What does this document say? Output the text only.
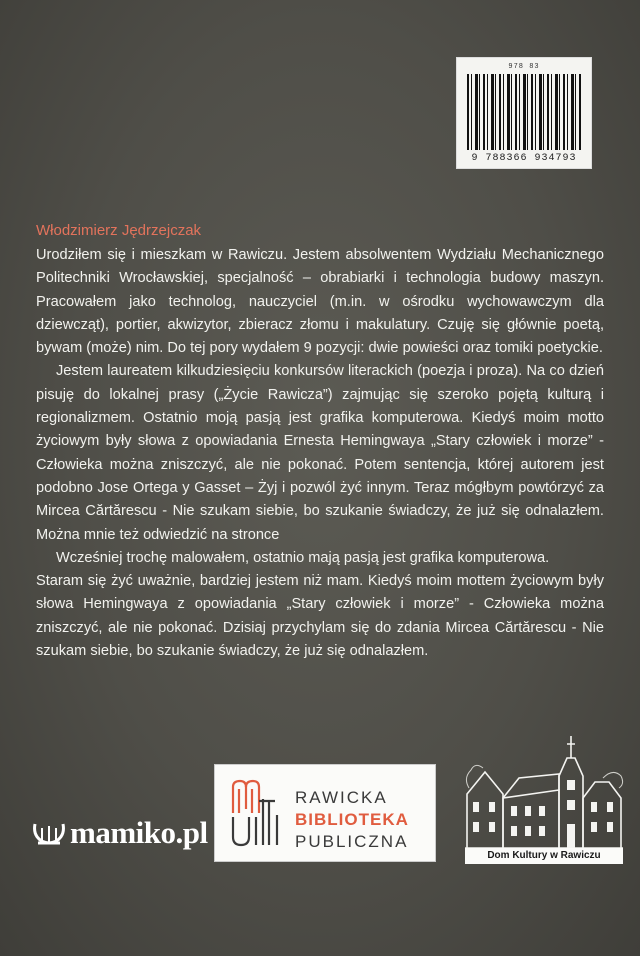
978 83
9 788366 934793
Włodzimierz Jędrzejczak

Urodziłem się i mieszkam w Rawiczu. Jestem absolwentem Wydziału Mechanicznego Politechniki Wrocławskiej, specjalność – obrabiarki i technologia budowy maszyn. Pracowałem jako technolog, nauczyciel (m.in. w ośrodku wychowawczym dla dziewcząt), portier, akwizytor, zbieracz złomu i makulatury. Czuję się głównie poetą, bywam (może) nim. Do tej pory wydałem 9 pozycji: dwie powieści oraz tomiki poetyckie.

Jestem laureatem kilkudziesięciu konkursów literackich (poezja i proza). Na co dzień pisuję do lokalnej prasy („Życie Rawicza”) zajmując się szeroko pojętą kulturą i regionalizmem. Ostatnio moją pasją jest grafika komputerowa. Kiedyś moim motto życiowym były słowa z opowiadania Ernesta Hemingwaya „Stary człowiek i morze” - Człowieka można zniszczyć, ale nie pokonać. Potem sentencja, której autorem jest podobno Jose Ortega y Gasset – Żyj i pozwól żyć innym. Teraz mógłbym powtórzyć za Mircea Cărtărescu - Nie szukam siebie, bo szukanie świadczy, że już się odnalazłem. Można mnie też odwiedzić na stronce

Wcześniej trochę malowałem, ostatnio mają pasją jest grafika komputerowa.

Staram się żyć uważnie, bardziej jestem niż mam. Kiedyś moim mottem życiowym były słowa Hemingwaya z opowiadania „Stary człowiek i morze” - Człowieka można zniszczyć, ale nie pokonać. Dzisiaj przychylam się do zdania Mircea Cărtărescu - Nie szukam siebie, bo szukanie świadczy, że już się odnalazłem.

mamiko.pl
RAWICKA
BIBLIOTEKA
PUBLICZNA
Dom Kultury w Rawiczu
